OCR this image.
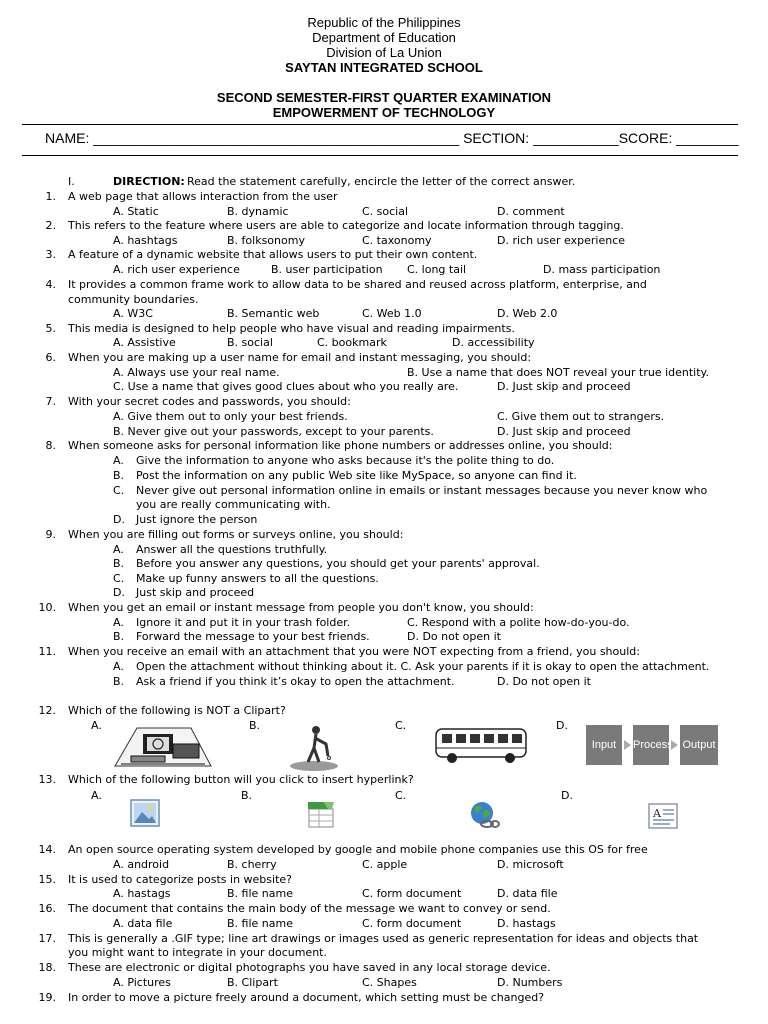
Republic of the Philippines
Department of Education
Division of La Union
SAYTAN INTEGRATED SCHOOL
SECOND SEMESTER-FIRST QUARTER EXAMINATION
EMPOWERMENT OF TECHNOLOGY
NAME: _______________________________________________ SECTION: ___________SCORE: ________
I.	DIRECTION: Read the statement carefully, encircle the letter of the correct answer.
1. A web page that allows interaction from the user
A. Static	B. dynamic	C. social	D. comment
2. This refers to the feature where users are able to categorize and locate information through tagging.
A. hashtags	B. folksonomy	C. taxonomy	D. rich user experience
3. A feature of a dynamic website that allows users to put their own content.
A. rich user experience	B. user participation C. long tail	D. mass participation
4. It provides a common frame work to allow data to be shared and reused across platform, enterprise, and
community boundaries.
A. W3C	B. Semantic web	C. Web 1.0	D. Web 2.0
5. This media is designed to help people who have visual and reading impairments.
A. Assistive	B. social	C. bookmark	D. accessibility
6. When you are making up a user name for email and instant messaging, you should:
A. Always use your real name.	B. Use a name that does NOT reveal your true identity.
C. Use a name that gives good clues about who you really are.	D. Just skip and proceed
7. With your secret codes and passwords, you should:
A. Give them out to only your best friends.	C. Give them out to strangers.
B. Never give out your passwords, except to your parents.	D. Just skip and proceed
8. When someone asks for personal information like phone numbers or addresses online, you should:
A. Give the information to anyone who asks because it's the polite thing to do.
B. Post the information on any public Web site like MySpace, so anyone can find it.
C. Never give out personal information online in emails or instant messages because you never know who
you are really communicating with.
D. Just ignore the person
9. When you are filling out forms or surveys online, you should:
A. Answer all the questions truthfully.
B. Before you answer any questions, you should get your parents' approval.
C. Make up funny answers to all the questions.
D. Just skip and proceed
10. When you get an email or instant message from people you don't know, you should:
A. Ignore it and put it in your trash folder.	C. Respond with a polite how-do-you-do.
B. Forward the message to your best friends.	D. Do not open it
11. When you receive an email with an attachment that you were NOT expecting from a friend, you should:
A. Open the attachment without thinking about it. C. Ask your parents if it is okay to open the attachment.
B. Ask a friend if you think it’s okay to open the attachment.	D. Do not open it
12. Which of the following is NOT a Clipart?
A.	B.	C.	D.
Input	Process Output
13. Which of the following button will you click to insert hyperlink?
A.	B.	C.	D.
A
14. An open source operating system developed by google and mobile phone companies use this OS for free
A. android	B. cherry	C. apple	D. microsoft
15. It is used to categorize posts in website?
A. hastags	B. file name	C. form document	D. data file
16. The document that contains the main body of the message we want to convey or send.
A. data file	B. file name	C. form document	D. hastags
17. This is generally a .GIF type; line art drawings or images used as generic representation for ideas and objects that
you might want to integrate in your document.
18. These are electronic or digital photographs you have saved in any local storage device.
A. Pictures	B. Clipart	C. Shapes	D. Numbers
19. In order to move a picture freely around a document, which setting must be changed?
